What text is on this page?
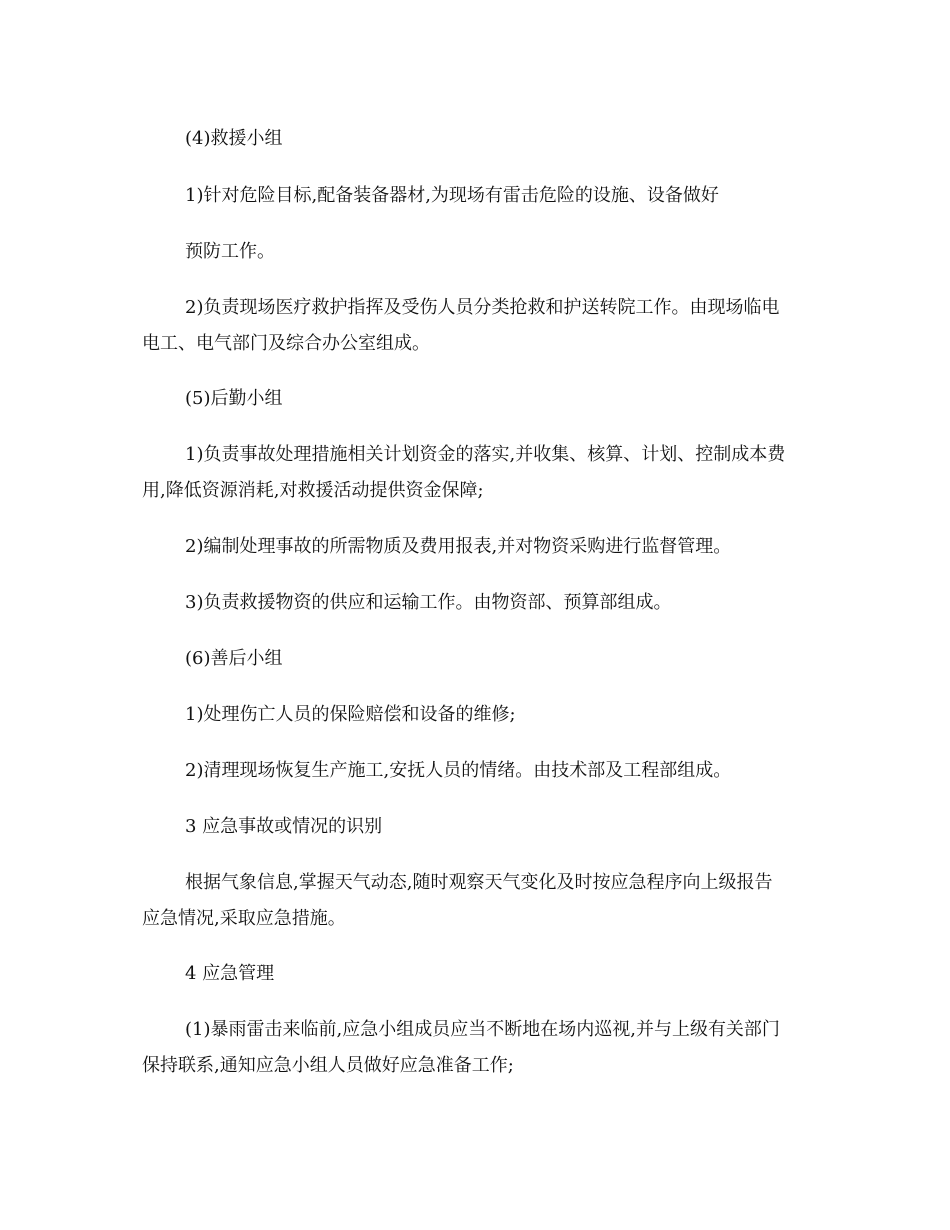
(4)救援小组
1)针对危险目标,配备装备器材,为现场有雷击危险的设施、设备做好
预防工作。
2)负责现场医疗救护指挥及受伤人员分类抢救和护送转院工作。由现场临电
电工、电气部门及综合办公室组成。
(5)后勤小组
1)负责事故处理措施相关计划资金的落实,并收集、核算、计划、控制成本费
用,降低资源消耗,对救援活动提供资金保障;
2)编制处理事故的所需物质及费用报表,并对物资采购进行监督管理。
3)负责救援物资的供应和运输工作。由物资部、预算部组成。
(6)善后小组
1)处理伤亡人员的保险赔偿和设备的维修;
2)清理现场恢复生产施工,安抚人员的情绪。由技术部及工程部组成。
3 应急事故或情况的识别
根据气象信息,掌握天气动态,随时观察天气变化及时按应急程序向上级报告
应急情况,采取应急措施。
4 应急管理
(1)暴雨雷击来临前,应急小组成员应当不断地在场内巡视,并与上级有关部门
保持联系,通知应急小组人员做好应急准备工作;
